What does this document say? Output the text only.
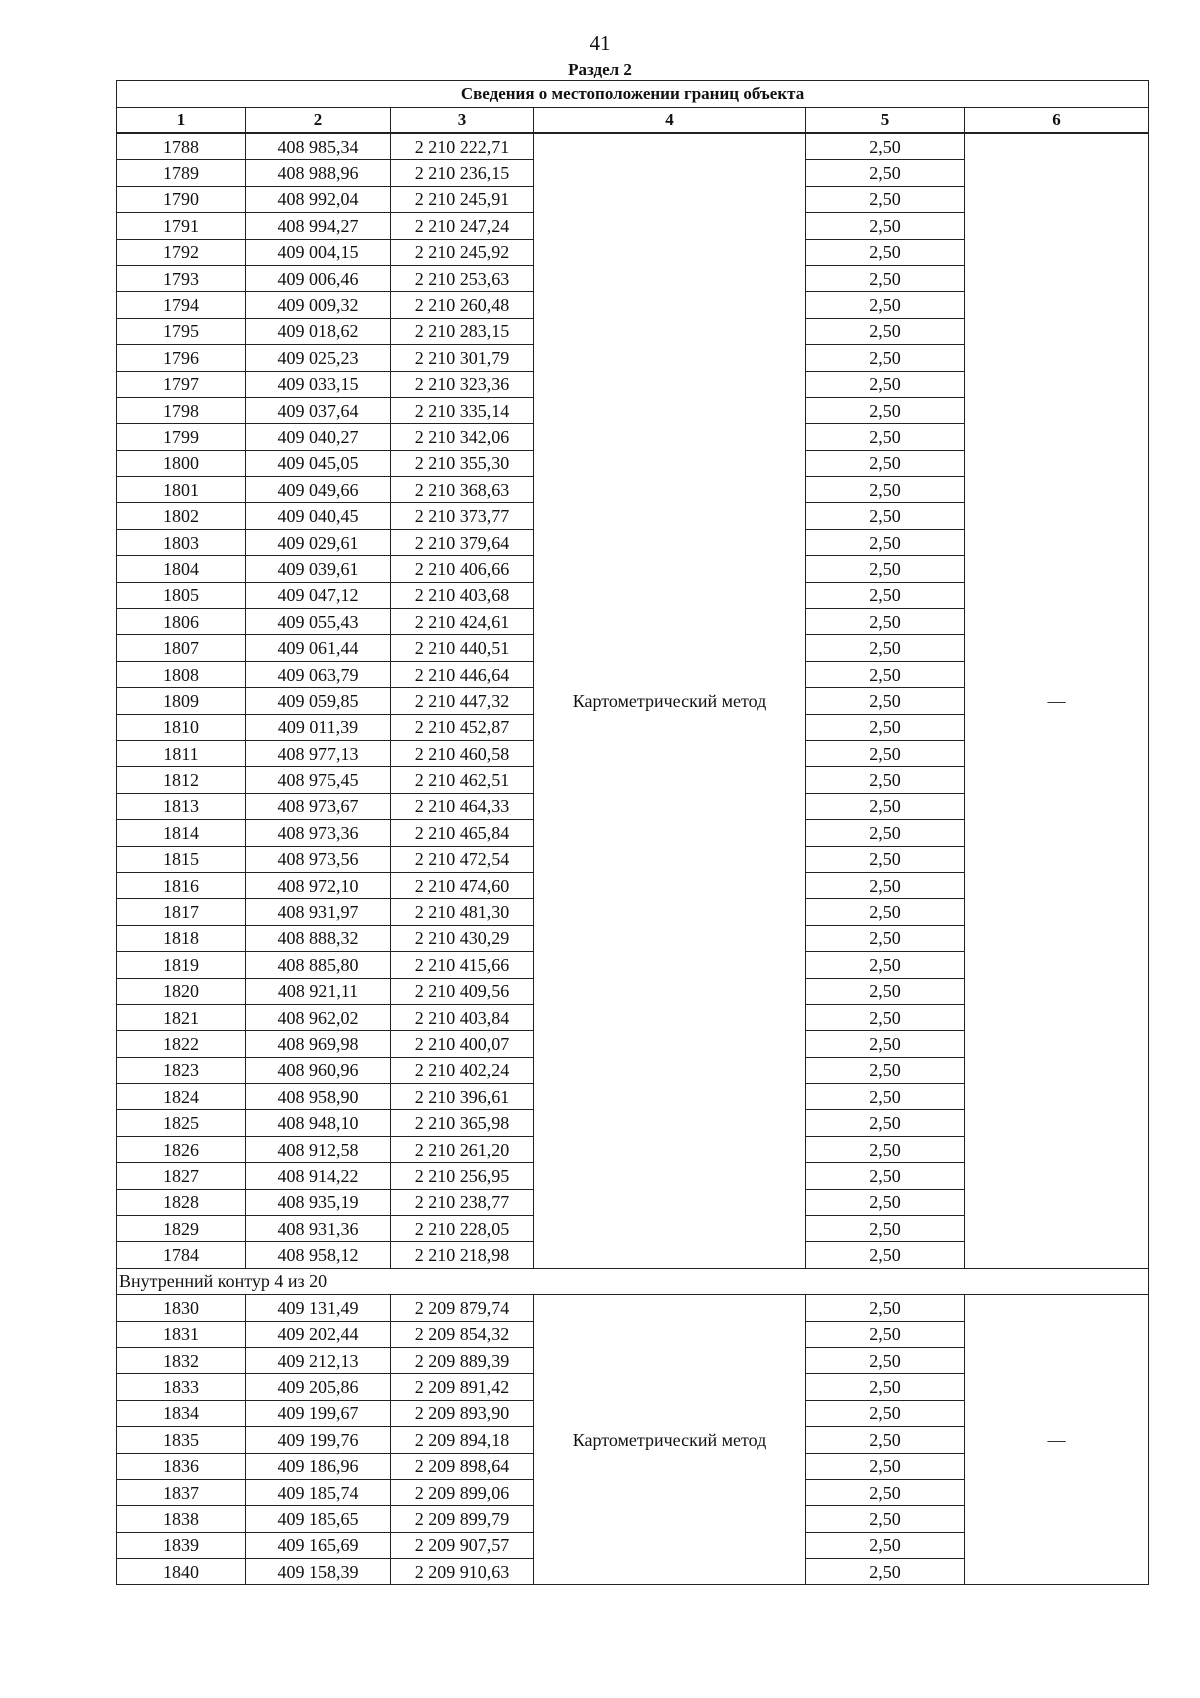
41
Раздел 2
Сведения о местоположении границ объекта					
1	2	3	4	5	6
1788	408 985,34	2 210 222,71	Картометрический метод	2,50	—
1789	408 988,96	2 210 236,15		2,50	
1790	408 992,04	2 210 245,91		2,50	
1791	408 994,27	2 210 247,24		2,50	
1792	409 004,15	2 210 245,92		2,50	
1793	409 006,46	2 210 253,63		2,50	
1794	409 009,32	2 210 260,48		2,50	
1795	409 018,62	2 210 283,15		2,50	
1796	409 025,23	2 210 301,79		2,50	
1797	409 033,15	2 210 323,36		2,50	
1798	409 037,64	2 210 335,14		2,50	
1799	409 040,27	2 210 342,06		2,50	
1800	409 045,05	2 210 355,30		2,50	
1801	409 049,66	2 210 368,63		2,50	
1802	409 040,45	2 210 373,77		2,50	
1803	409 029,61	2 210 379,64		2,50	
1804	409 039,61	2 210 406,66		2,50	
1805	409 047,12	2 210 403,68		2,50	
1806	409 055,43	2 210 424,61		2,50	
1807	409 061,44	2 210 440,51		2,50	
1808	409 063,79	2 210 446,64		2,50	
1809	409 059,85	2 210 447,32		2,50	
1810	409 011,39	2 210 452,87		2,50	
1811	408 977,13	2 210 460,58		2,50	
1812	408 975,45	2 210 462,51		2,50	
1813	408 973,67	2 210 464,33		2,50	
1814	408 973,36	2 210 465,84		2,50	
1815	408 973,56	2 210 472,54		2,50	
1816	408 972,10	2 210 474,60		2,50	
1817	408 931,97	2 210 481,30		2,50	
1818	408 888,32	2 210 430,29		2,50	
1819	408 885,80	2 210 415,66		2,50	
1820	408 921,11	2 210 409,56		2,50	
1821	408 962,02	2 210 403,84		2,50	
1822	408 969,98	2 210 400,07		2,50	
1823	408 960,96	2 210 402,24		2,50	
1824	408 958,90	2 210 396,61		2,50	
1825	408 948,10	2 210 365,98		2,50	
1826	408 912,58	2 210 261,20		2,50	
1827	408 914,22	2 210 256,95		2,50	
1828	408 935,19	2 210 238,77		2,50	
1829	408 931,36	2 210 228,05		2,50	
1784	408 958,12	2 210 218,98		2,50	
Внутренний контур 4 из 20					
1830	409 131,49	2 209 879,74	Картометрический метод	2,50	—
1831	409 202,44	2 209 854,32		2,50	
1832	409 212,13	2 209 889,39		2,50	
1833	409 205,86	2 209 891,42		2,50	
1834	409 199,67	2 209 893,90		2,50	
1835	409 199,76	2 209 894,18		2,50	
1836	409 186,96	2 209 898,64		2,50	
1837	409 185,74	2 209 899,06		2,50	
1838	409 185,65	2 209 899,79		2,50	
1839	409 165,69	2 209 907,57		2,50	
1840	409 158,39	2 209 910,63		2,50	
